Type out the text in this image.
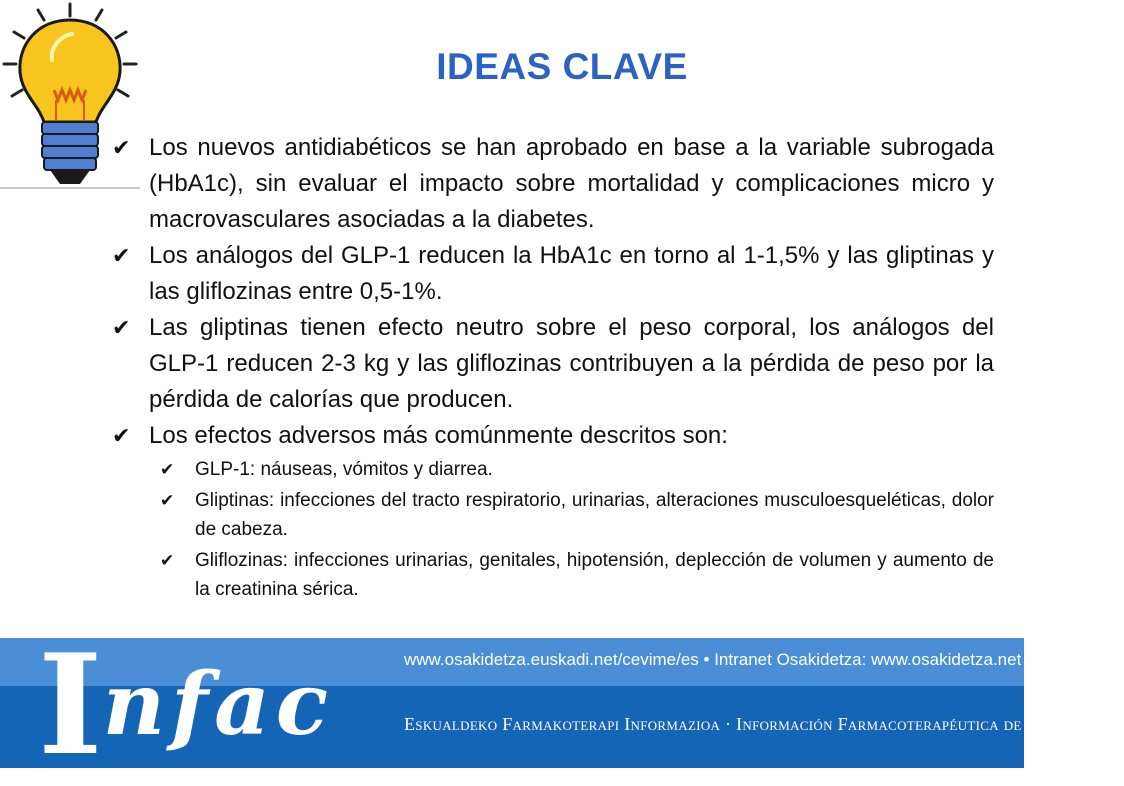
IDEAS CLAVE
✔ Los nuevos antidiabéticos se han aprobado en base a la variable subrogada (HbA1c), sin evaluar el impacto sobre mortalidad y complicaciones micro y macrovasculares asociadas a la diabetes.
✔ Los análogos del GLP-1 reducen la HbA1c en torno al 1-1,5% y las gliptinas y las gliflozinas entre 0,5-1%.
✔ Las gliptinas tienen efecto neutro sobre el peso corporal, los análogos del GLP-1 reducen 2-3 kg y las gliflozinas contribuyen a la pérdida de peso por la pérdida de calorías que producen.
✔ Los efectos adversos más comúnmente descritos son:
✔ GLP-1: náuseas, vómitos y diarrea.
✔ Gliptinas: infecciones del tracto respiratorio, urinarias, alteraciones musculoesqueléticas, dolor de cabeza.
✔ Gliflozinas: infecciones urinarias, genitales, hipotensión, deplección de volumen y aumento de la creatinina sérica.
Infac	www.osakidetza.euskadi.net/cevime/es • Intranet Osakidetza: www.osakidetza.net
Eskualdeko Farmakoterapi Informazioa · Información Farmacoterapéutica de la Comarca
